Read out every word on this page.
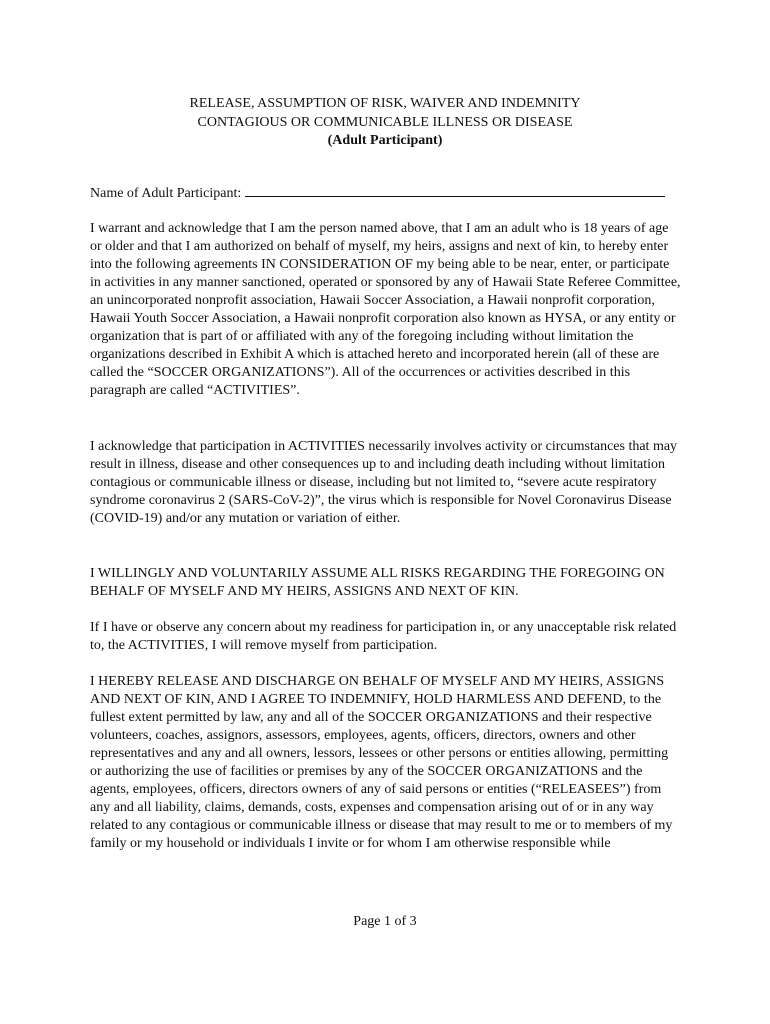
RELEASE, ASSUMPTION OF RISK, WAIVER AND INDEMNITY
CONTAGIOUS OR COMMUNICABLE ILLNESS OR DISEASE
(Adult Participant)
Name of Adult Participant:

I warrant and acknowledge that I am the person named above, that I am an adult who is 18 years of age or older and that I am authorized on behalf of myself, my heirs, assigns and next of kin, to hereby enter into the following agreements IN CONSIDERATION OF my being able to be near, enter, or participate in activities in any manner sanctioned, operated or sponsored by any of Hawaii State Referee Committee, an unincorporated nonprofit association, Hawaii Soccer Association, a Hawaii nonprofit corporation, Hawaii Youth Soccer Association, a Hawaii nonprofit corporation also known as HYSA, or any entity or organization that is part of or affiliated with any of the foregoing including without limitation the organizations described in Exhibit A which is attached hereto and incorporated herein (all of these are called the “SOCCER ORGANIZATIONS”). All of the occurrences or activities described in this paragraph are called “ACTIVITIES”.

I acknowledge that participation in ACTIVITIES necessarily involves activity or circumstances that may result in illness, disease and other consequences up to and including death including without limitation contagious or communicable illness or disease, including but not limited to, “severe acute respiratory syndrome coronavirus 2 (SARS-CoV-2)”, the virus which is responsible for Novel Coronavirus Disease (COVID-19) and/or any mutation or variation of either.

I WILLINGLY AND VOLUNTARILY ASSUME ALL RISKS REGARDING THE FOREGOING ON BEHALF OF MYSELF AND MY HEIRS, ASSIGNS AND NEXT OF KIN.

If I have or observe any concern about my readiness for participation in, or any unacceptable risk related to, the ACTIVITIES, I will remove myself from participation.

I HEREBY RELEASE AND DISCHARGE ON BEHALF OF MYSELF AND MY HEIRS, ASSIGNS AND NEXT OF KIN, AND I AGREE TO INDEMNIFY, HOLD HARMLESS AND DEFEND, to the fullest extent permitted by law, any and all of the SOCCER ORGANIZATIONS and their respective volunteers, coaches, assignors, assessors, employees, agents, officers, directors, owners and other representatives and any and all owners, lessors, lessees or other persons or entities allowing, permitting or authorizing the use of facilities or premises by any of the SOCCER ORGANIZATIONS and the agents, employees, officers, directors owners of any of said persons or entities (“RELEASEES”) from any and all liability, claims, demands, costs, expenses and compensation arising out of or in any way related to any contagious or communicable illness or disease that may result to me or to members of my family or my household or individuals I invite or for whom I am otherwise responsible while

Page 1 of 3
